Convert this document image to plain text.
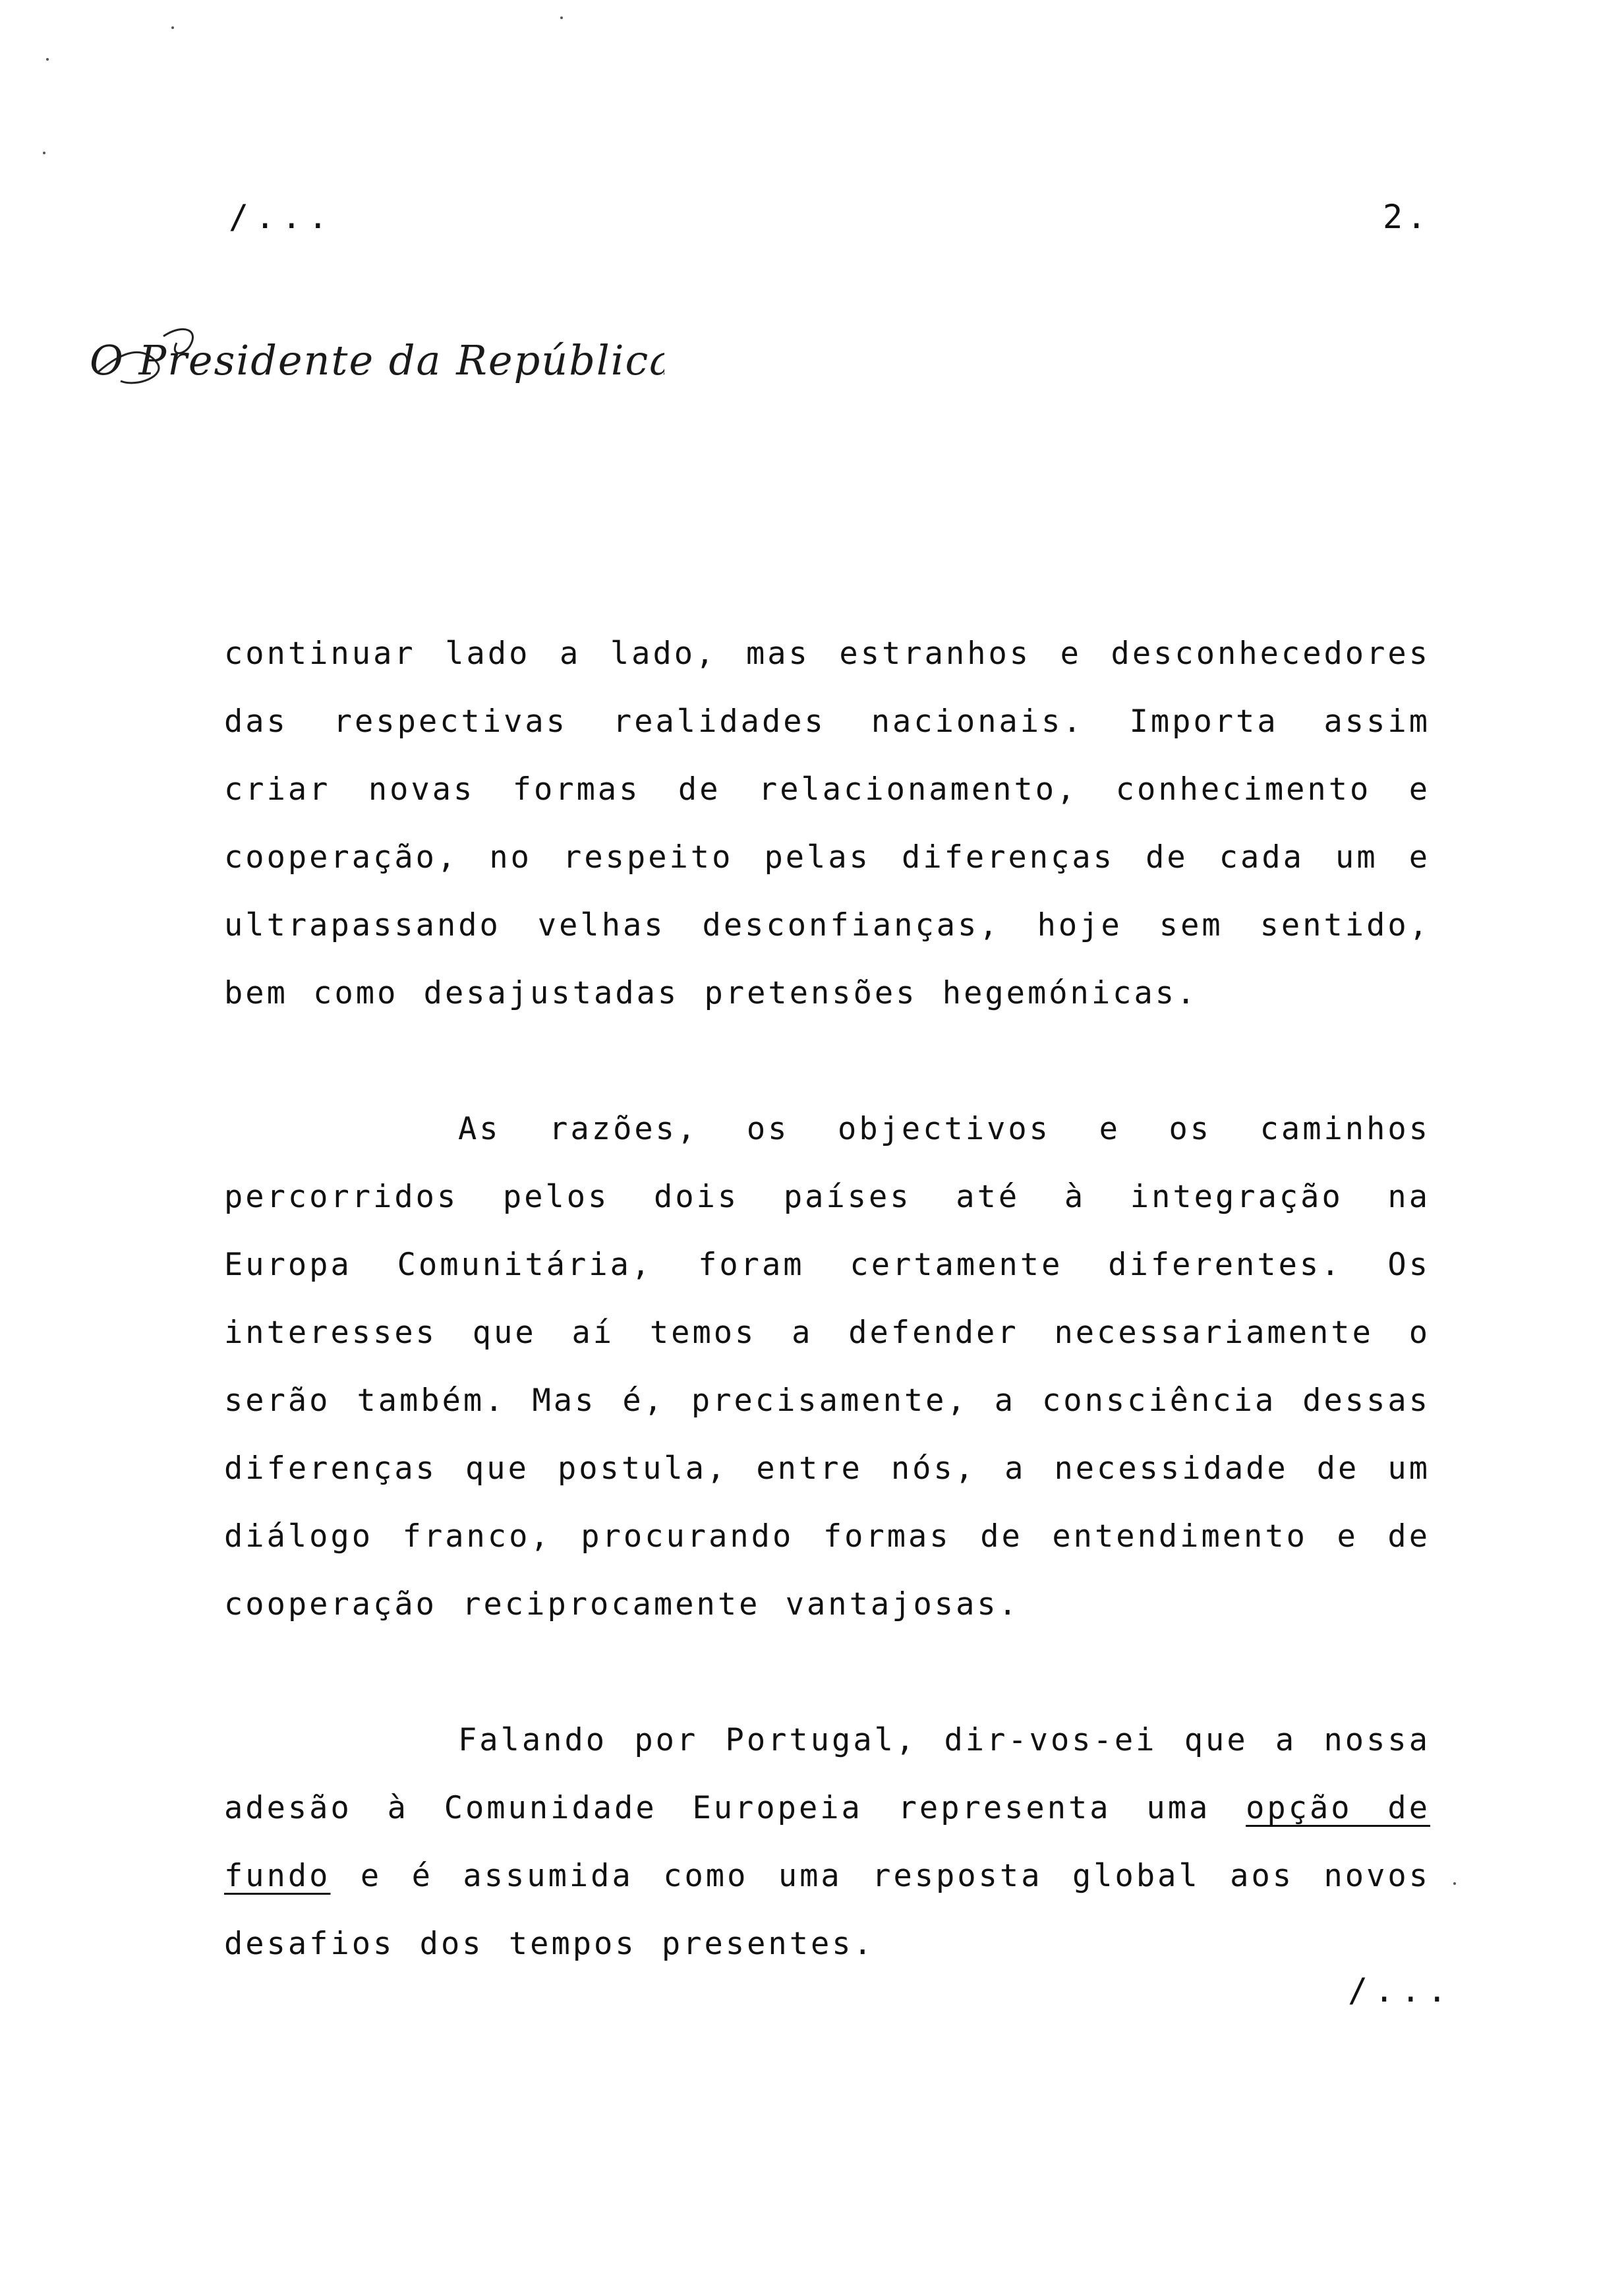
/...	2.
O Presidente da República

continuar lado a lado, mas estranhos e desconhecedores das respectivas realidades nacionais. Importa assim criar novas formas de relacionamento, conhecimento e cooperação, no respeito pelas diferenças de cada um e ultrapassando velhas desconfianças, hoje sem sentido, bem como desajustadas pretensões hegemónicas.

As razões, os objectivos e os caminhos percorridos pelos dois países até à integração na Europa Comunitária, foram certamente diferentes. Os interesses que aí temos a defender necessariamente o serão também. Mas é, precisamente, a consciência dessas diferenças que postula, entre nós, a necessidade de um diálogo franco, procurando formas de entendimento e de cooperação reciprocamente vantajosas.

Falando por Portugal, dir-vos-ei que a nossa adesão à Comunidade Europeia representa uma opção de fundo e é assumida como uma resposta global aos novos desafios dos tempos presentes.

/...
